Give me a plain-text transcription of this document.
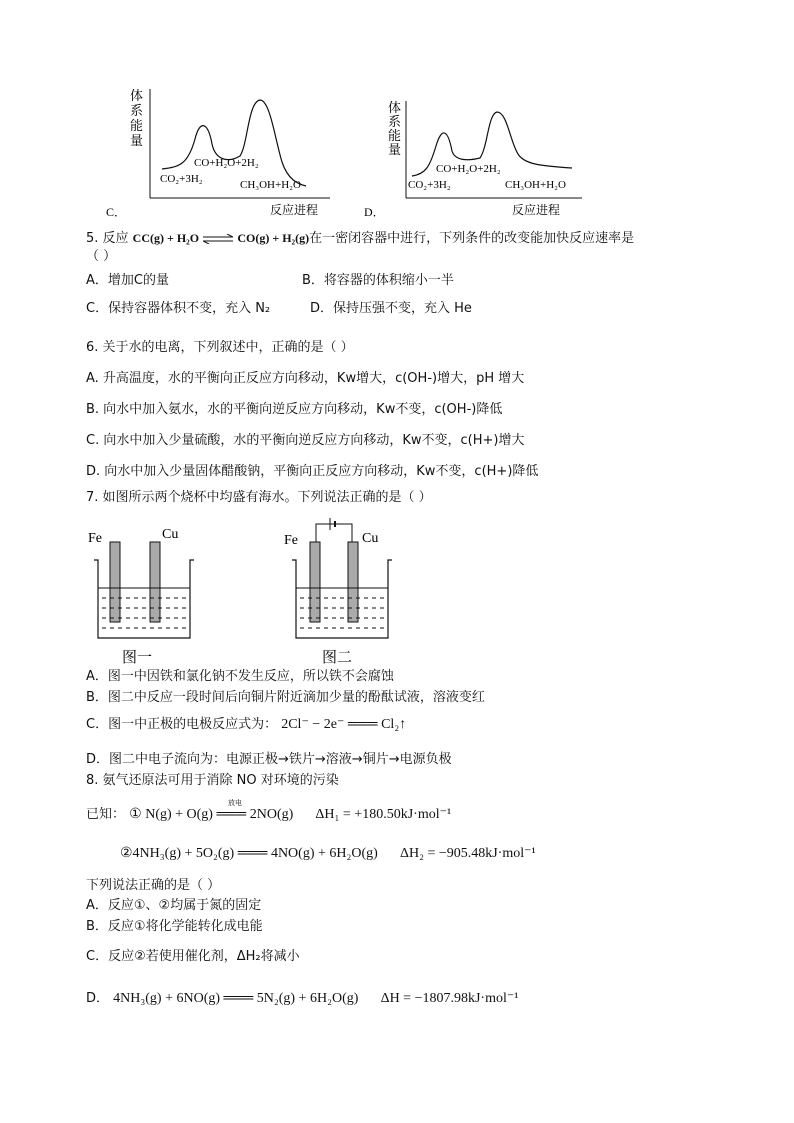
体
系
能
量
CO+H₂O+2H₂
CO₂+3H₂	CH₃OH+H₂O
C．	反应进程
体
系
能
量
CO+H₂O+2H₂
CO₂+3H₂	CH₃OH+H₂O
D．	反应进程
5. 反应 CC(g) + H₂O ⇌ CO(g) + H₂(g)在一密闭容器中进行，下列条件的改变能加快反应速率是
（ ）
A．增加C的量	B．将容器的体积缩小一半
C．保持容器体积不变，充入 N₂	D．保持压强不变，充入 He
6. 关于水的电离，下列叙述中，正确的是（ ）
A. 升高温度，水的平衡向正反应方向移动，Kw增大，c(OH-)增大，pH 增大
B. 向水中加入氨水，水的平衡向逆反应方向移动，Kw不变，c(OH-)降低
C. 向水中加入少量硫酸，水的平衡向逆反应方向移动，Kw不变，c(H+)增大
D. 向水中加入少量固体醋酸钠，平衡向正反应方向移动，Kw不变，c(H+)降低
7. 如图所示两个烧杯中均盛有海水。下列说法正确的是（ ）
Fe	Cu
图一
Fe	Cu
图二
A．图一中因铁和氯化钠不发生反应，所以铁不会腐蚀
B．图二中反应一段时间后向铜片附近滴加少量的酚酞试液，溶液变红
C．图一中正极的电极反应式为： 2Cl⁻ − 2e⁻ ═══ Cl₂↑
D．图二中电子流向为：电源正极→铁片→溶液→铜片→电源负极
8. 氨气还原法可用于消除 NO 对环境的污染
已知： ① N(g) + O(g) ═══ 2NO(g) ΔH₁ = +180.50kJ·mol⁻¹
放电
②4NH₃(g) + 5O₂(g) ═══ 4NO(g) + 6H₂O(g) ΔH₂ = −905.48kJ·mol⁻¹
下列说法正确的是（ ）
A．反应①、②均属于氮的固定
B．反应①将化学能转化成电能
C．反应②若使用催化剂，ΔH₂将减小
D． 4NH₃(g) + 6NO(g) ═══ 5N₂(g) + 6H₂O(g) ΔH = −1807.98kJ·mol⁻¹
